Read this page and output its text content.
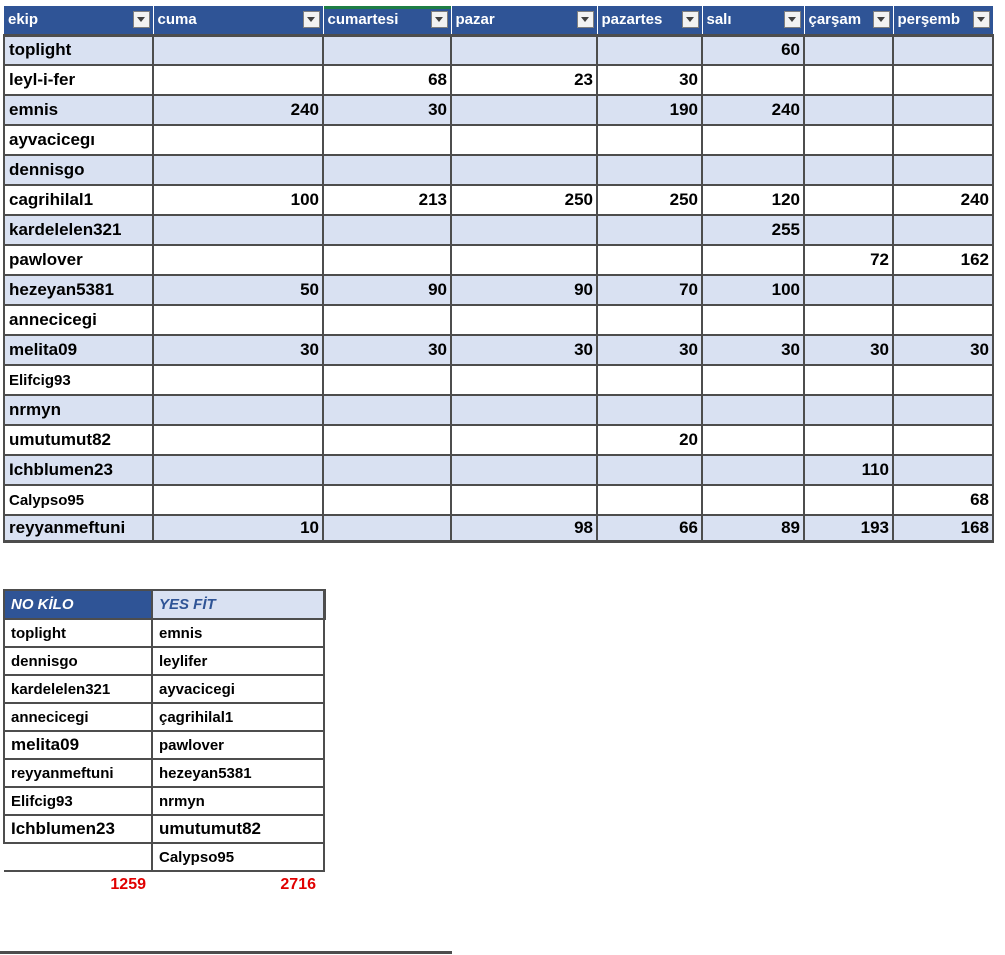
ekip	cuma	cumartesi	pazar	pazartes	salı	çarşam	perşemb

toplight					60		
leyl-i-fer		68	23	30			
emnis	240	30		190	240		
ayvacicegı							
dennisgo							
cagrihilal1	100	213	250	250	120		240
kardelelen321					255		
pawlover						72	162
hezeyan5381	50	90	90	70	100		
annecicegi							
melita09	30	30	30	30	30	30	30
Elifcig93							
nrmyn							
umutumut82				20			
Ichblumen23						110	
Calypso95							68
reyyanmeftuni	10		98	66	89	193	168
NO KİLO	YES FİT
toplight	emnis
dennisgo	leylifer
kardelelen321	ayvacicegi
annecicegi	çagrihilal1
melita09	pawlover
reyyanmeftuni	hezeyan5381
Elifcig93	nrmyn
Ichblumen23	umutumut82
	Calypso95
1259	2716
